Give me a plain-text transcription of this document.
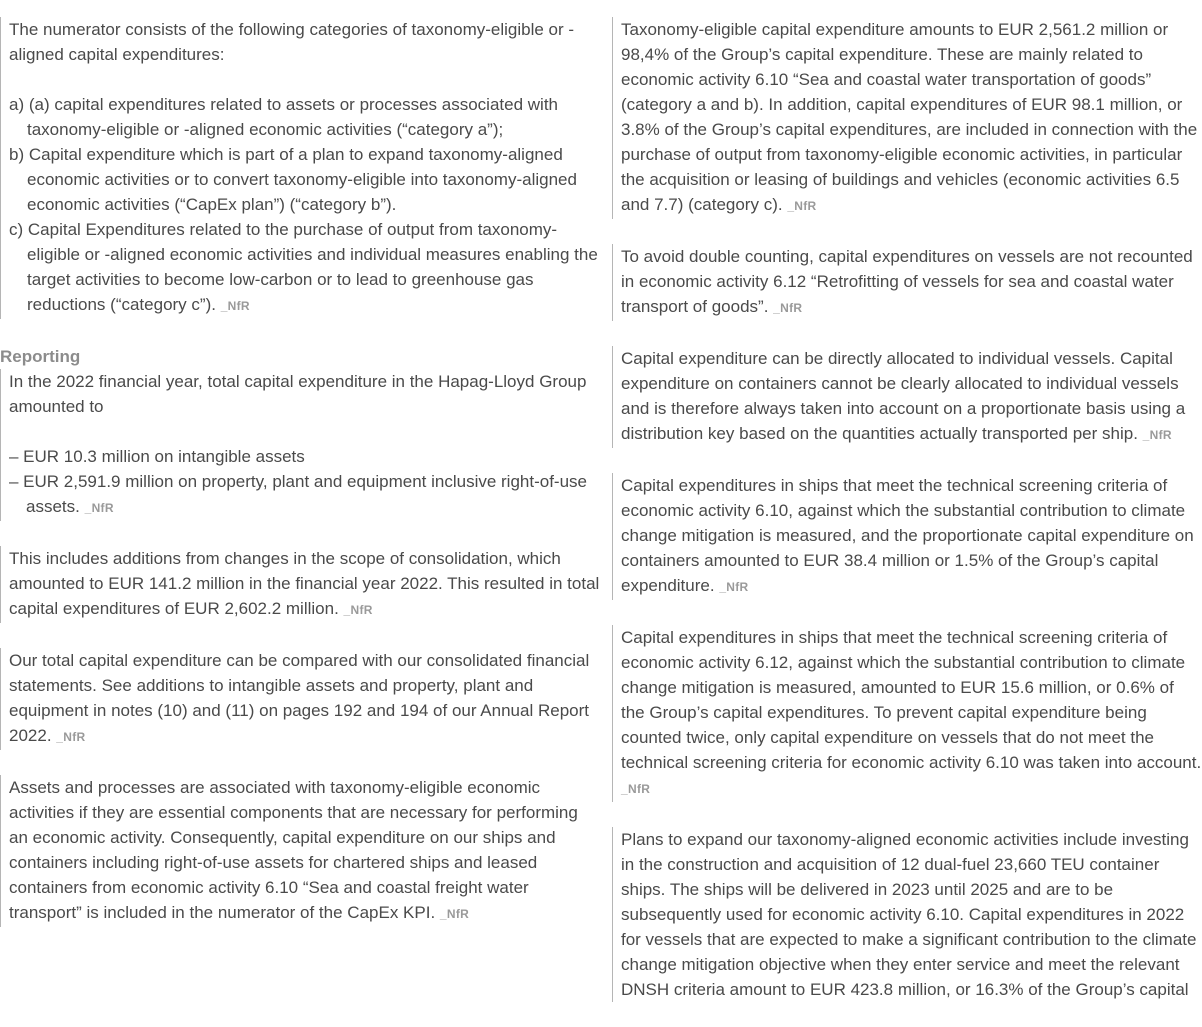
The numerator consists of the following categories of taxonomy-eligible or -aligned capital expenditures:

a) (a) capital expenditures related to assets or processes associated with taxonomy-eligible or -aligned economic activities (“category a”);
b) Capital expenditure which is part of a plan to expand taxonomy-aligned economic activities or to convert taxonomy-eligible into taxonomy-aligned economic activities (“CapEx plan”) (“category b”).
c) Capital Expenditures related to the purchase of output from taxonomy-eligible or -aligned economic activities and individual measures enabling the target activities to become low-carbon or to lead to greenhouse gas reductions (“category c”). _NfR
Reporting

In the 2022 financial year, total capital expenditure in the Hapag-Lloyd Group amounted to

– EUR 10.3 million on intangible assets
– EUR 2,591.9 million on property, plant and equipment inclusive right-of-use assets. _NfR

This includes additions from changes in the scope of consolidation, which amounted to EUR 141.2 million in the financial year 2022. This resulted in total capital expenditures of EUR 2,602.2 million. _NfR

Our total capital expenditure can be compared with our consolidated financial statements. See additions to intangible assets and property, plant and equipment in notes (10) and (11) on pages 192 and 194 of our Annual Report 2022. _NfR

Assets and processes are associated with taxonomy-eligible economic activities if they are essential components that are necessary for performing an economic activity. Consequently, capital expenditure on our ships and containers including right-of-use assets for chartered ships and leased containers from economic activity 6.10 “Sea and coastal freight water transport” is included in the numerator of the CapEx KPI. _NfR

Taxonomy-eligible capital expenditure amounts to EUR 2,561.2 million or 98,4% of the Group’s capital expenditure. These are mainly related to economic activity 6.10 “Sea and coastal water transportation of goods” (category a and b). In addition, capital expenditures of EUR 98.1 million, or 3.8% of the Group’s capital expenditures, are included in connection with the purchase of output from taxonomy-eligible economic activities, in particular the acquisition or leasing of buildings and vehicles (economic activities 6.5 and 7.7) (category c). _NfR

To avoid double counting, capital expenditures on vessels are not recounted in economic activity 6.12 “Retrofitting of vessels for sea and coastal water transport of goods”. _NfR

Capital expenditure can be directly allocated to individual vessels. Capital expenditure on containers cannot be clearly allocated to individual vessels and is therefore always taken into account on a proportionate basis using a distribution key based on the quantities actually transported per ship. _NfR

Capital expenditures in ships that meet the technical screening criteria of economic activity 6.10, against which the substantial contribution to climate change mitigation is measured, and the proportionate capital expenditure on containers amounted to EUR 38.4 million or 1.5% of the Group’s capital expenditure. _NfR

Capital expenditures in ships that meet the technical screening criteria of economic activity 6.12, against which the substantial contribution to climate change mitigation is measured, amounted to EUR 15.6 million, or 0.6% of the Group’s capital expenditures. To prevent capital expenditure being counted twice, only capital expenditure on vessels that do not meet the technical screening criteria for economic activity 6.10 was taken into account. _NfR

Plans to expand our taxonomy-aligned economic activities include investing in the construction and acquisition of 12 dual-fuel 23,660 TEU container ships. The ships will be delivered in 2023 until 2025 and are to be subsequently used for economic activity 6.10. Capital expenditures in 2022 for vessels that are expected to make a significant contribution to the climate change mitigation objective when they enter service and meet the relevant DNSH criteria amount to EUR 423.8 million, or 16.3% of the Group’s capital
